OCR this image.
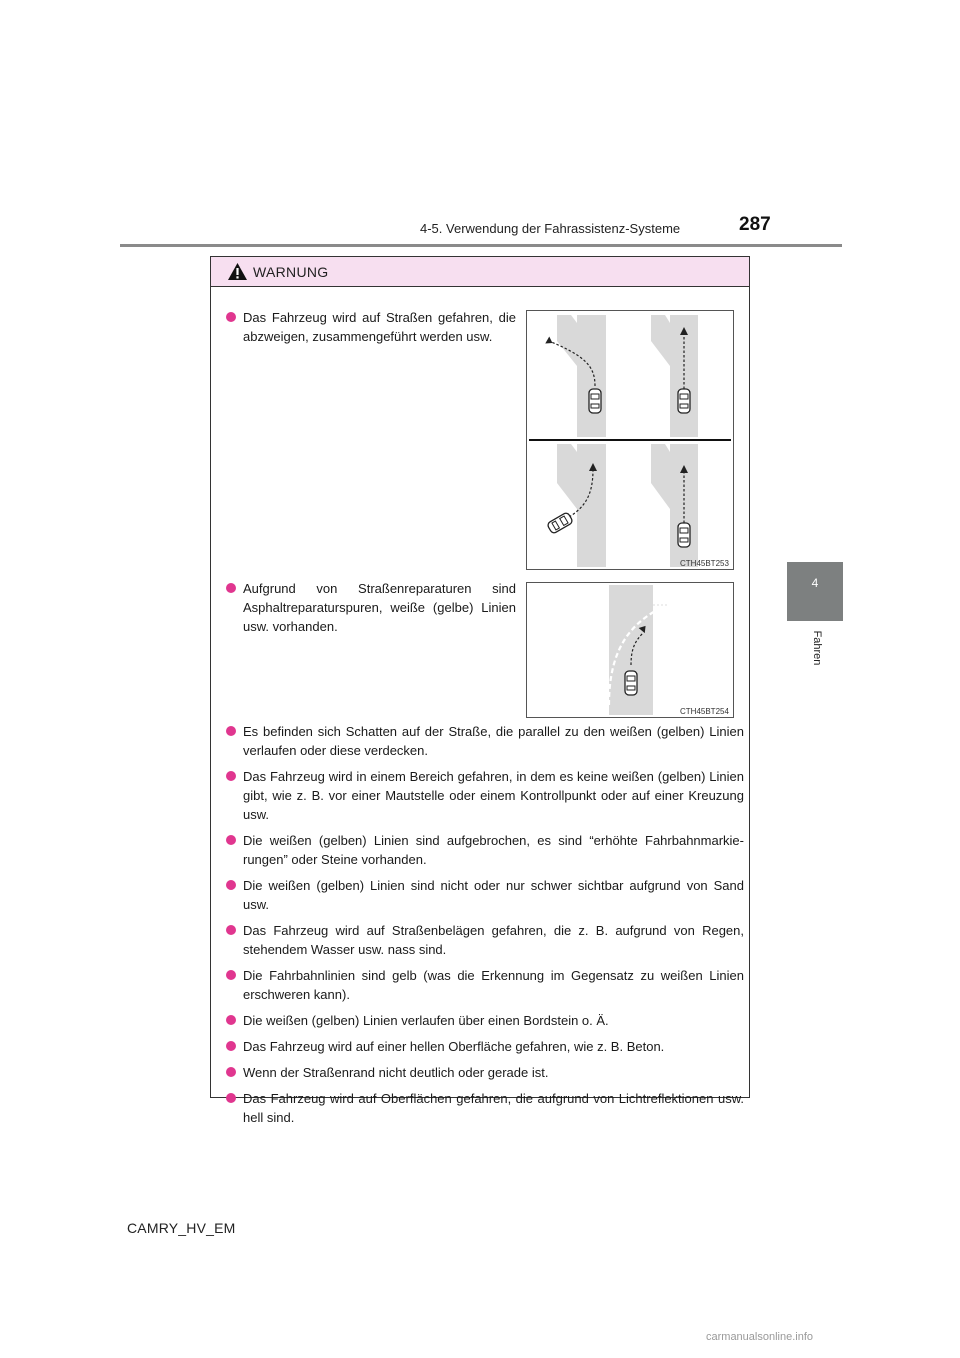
4-5. Verwendung der Fahrassistenz-Systeme	287
4
Fahren
WARNUNG
CTH45BT253
CTH45BT254
Das Fahrzeug wird auf Straßen gefahren, die abzweigen, zusammengeführt werden usw.
Aufgrund von Straßenreparaturen sind Asphaltreparaturspuren, weiße (gelbe) Linien usw. vorhanden.
Es befinden sich Schatten auf der Straße, die parallel zu den weißen (gelben) Linien verlaufen oder diese verdecken.
Das Fahrzeug wird in einem Bereich gefahren, in dem es keine weißen (gelben) Linien gibt, wie z. B. vor einer Mautstelle oder einem Kontrollpunkt oder auf einer Kreuzung usw.
Die weißen (gelben) Linien sind aufgebrochen, es sind “erhöhte Fahrbahnmarkie-rungen” oder Steine vorhanden.
Die weißen (gelben) Linien sind nicht oder nur schwer sichtbar aufgrund von Sand usw.
Das Fahrzeug wird auf Straßenbelägen gefahren, die z. B. aufgrund von Regen, stehendem Wasser usw. nass sind.
Die Fahrbahnlinien sind gelb (was die Erkennung im Gegensatz zu weißen Linien erschweren kann).
Die weißen (gelben) Linien verlaufen über einen Bordstein o. Ä.
Das Fahrzeug wird auf einer hellen Oberfläche gefahren, wie z. B. Beton.
Wenn der Straßenrand nicht deutlich oder gerade ist.
Das Fahrzeug wird auf Oberflächen gefahren, die aufgrund von Lichtreflektionen usw. hell sind.
CAMRY_HV_EM
carmanualsonline.info
